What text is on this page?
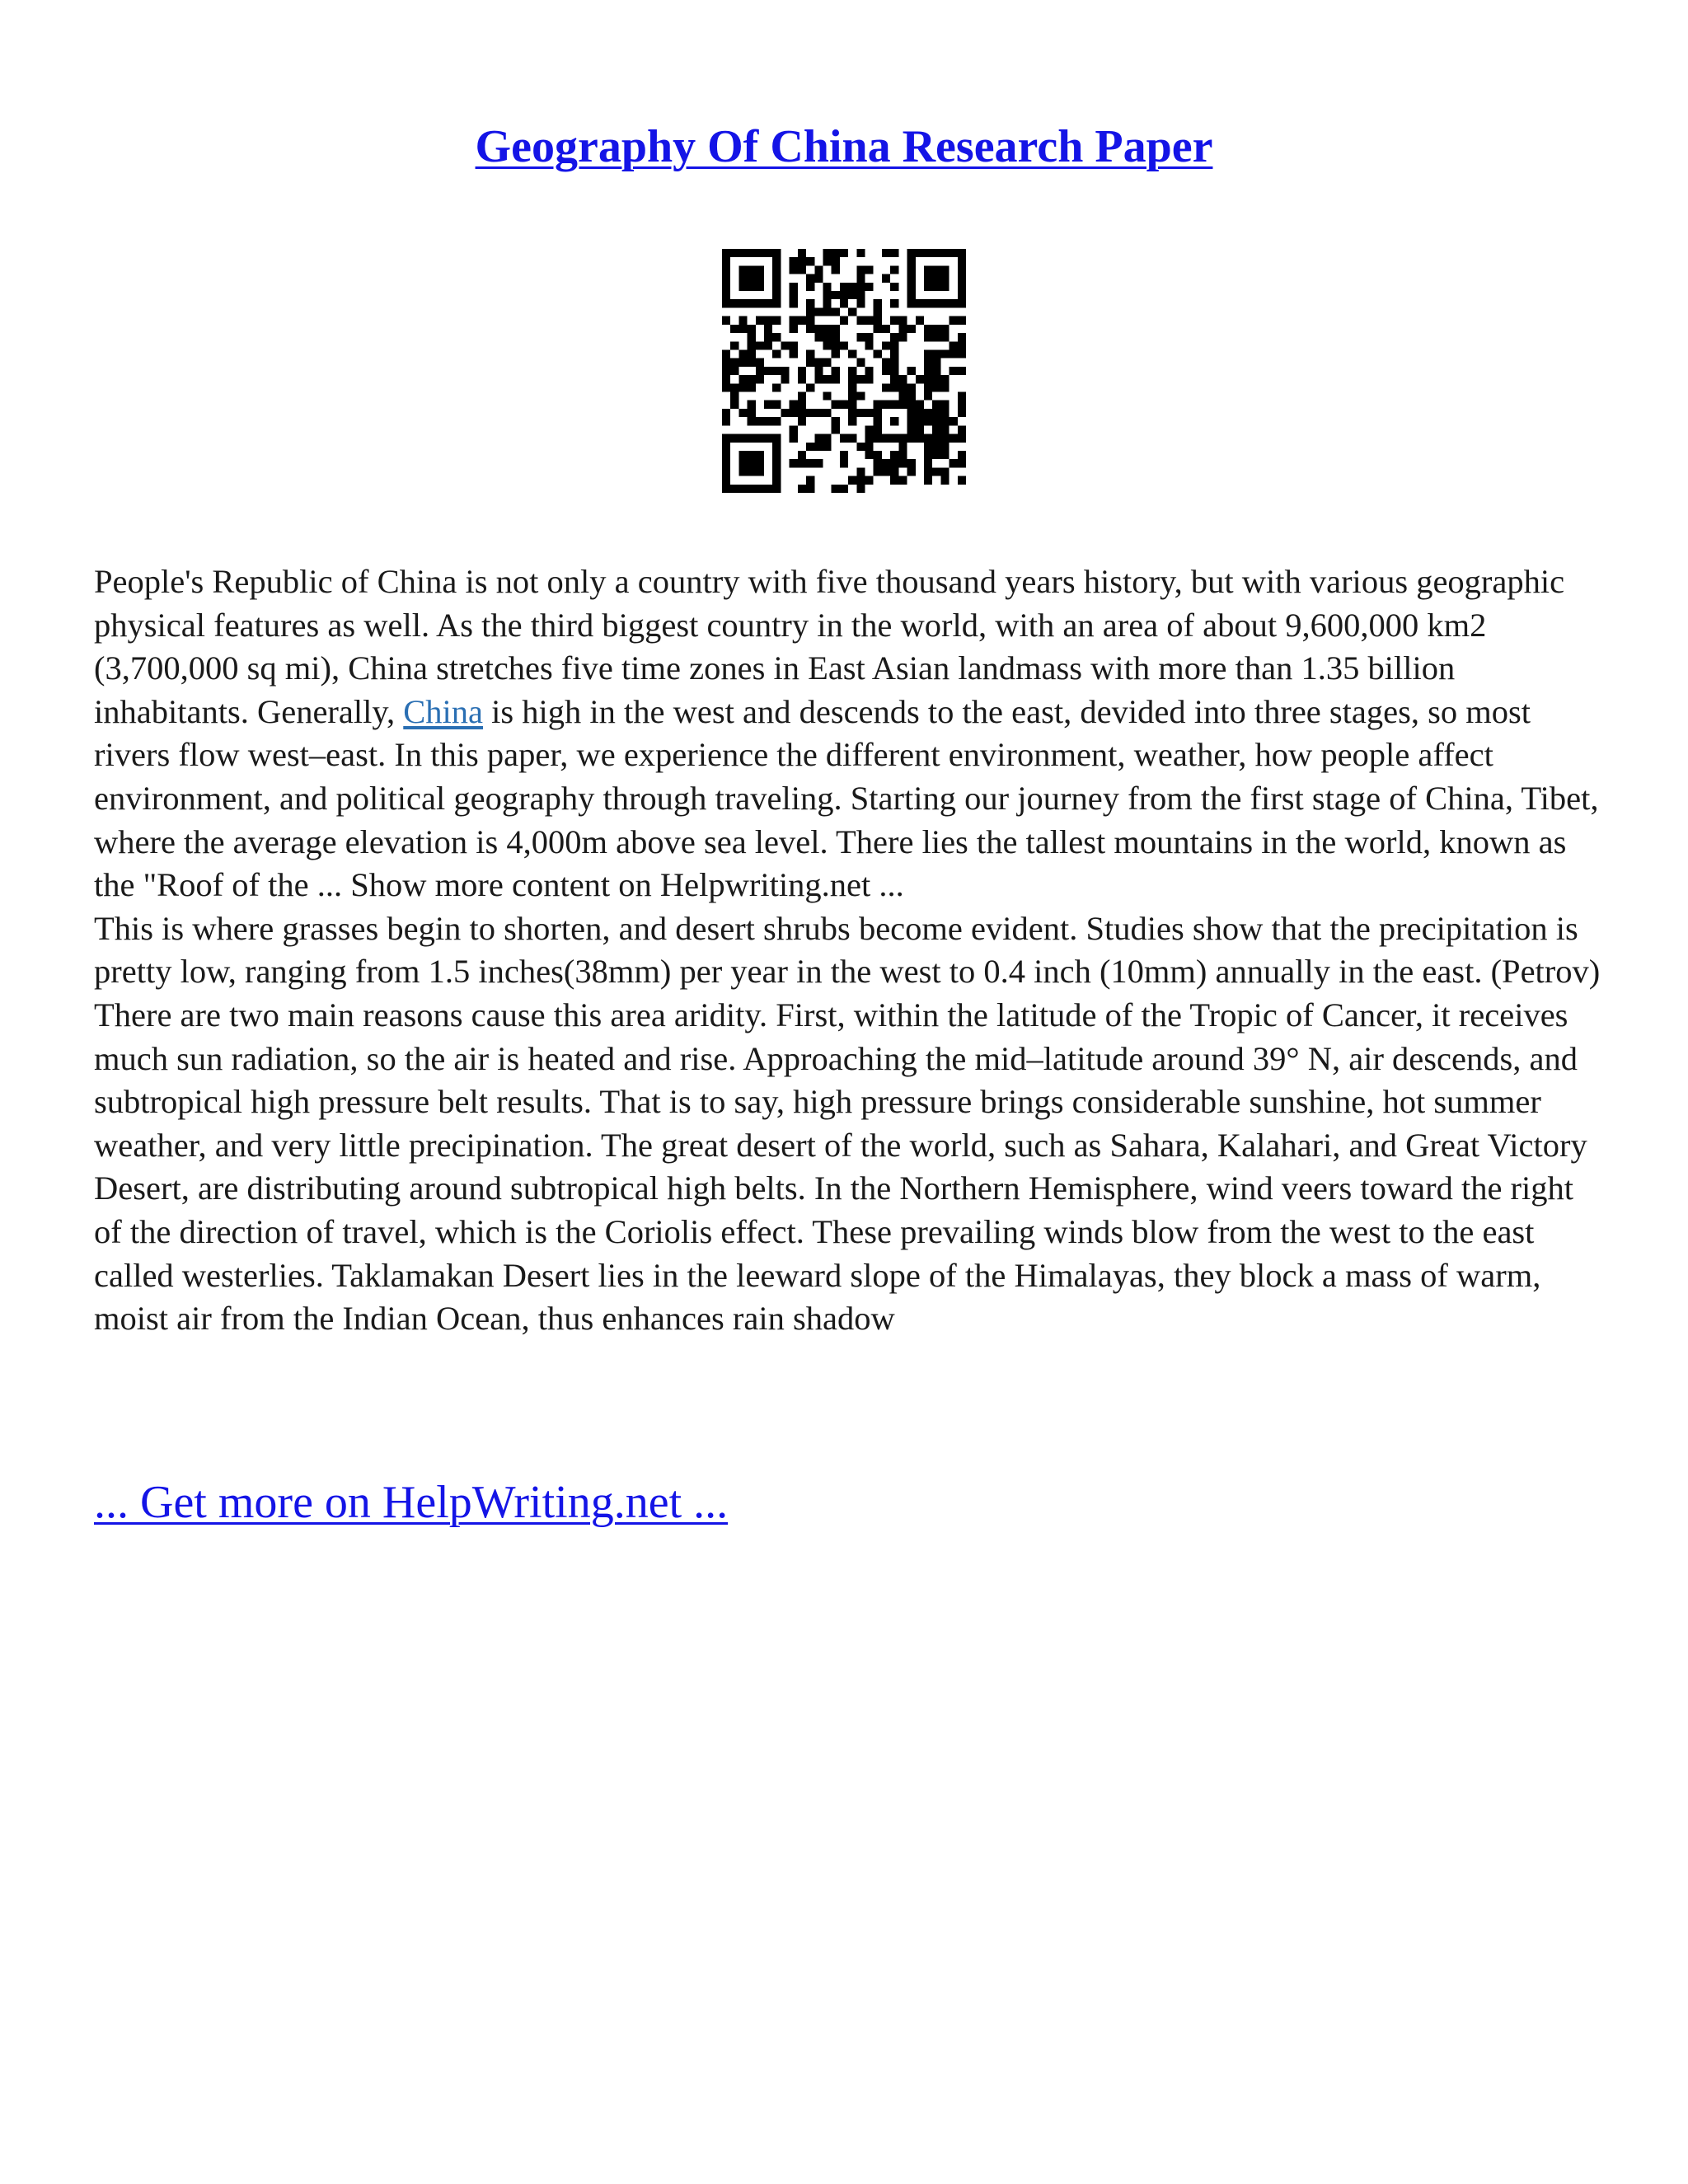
Geography Of China Research Paper

People's Republic of China is not only a country with five thousand years history, but with various geographic physical features as well. As the third biggest country in the world, with an area of about 9,600,000 km2 (3,700,000 sq mi), China stretches five time zones in East Asian landmass with more than 1.35 billion inhabitants. Generally, China is high in the west and descends to the east, devided into three stages, so most rivers flow west–east. In this paper, we experience the different environment, weather, how people affect environment, and political geography through traveling. Starting our journey from the first stage of China, Tibet, where the average elevation is 4,000m above sea level. There lies the tallest mountains in the world, known as the "Roof of the ... Show more content on Helpwriting.net ...

This is where grasses begin to shorten, and desert shrubs become evident. Studies show that the precipitation is pretty low, ranging from 1.5 inches(38mm) per year in the west to 0.4 inch (10mm) annually in the east. (Petrov) There are two main reasons cause this area aridity. First, within the latitude of the Tropic of Cancer, it receives much sun radiation, so the air is heated and rise. Approaching the mid–latitude around 39° N, air descends, and subtropical high pressure belt results. That is to say, high pressure brings considerable sunshine, hot summer weather, and very little precipination. The great desert of the world, such as Sahara, Kalahari, and Great Victory Desert, are distributing around subtropical high belts. In the Northern Hemisphere, wind veers toward the right of the direction of travel, which is the Coriolis effect. These prevailing winds blow from the west to the east called westerlies. Taklamakan Desert lies in the leeward slope of the Himalayas, they block a mass of warm, moist air from the Indian Ocean, thus enhances rain shadow

... Get more on HelpWriting.net ...
